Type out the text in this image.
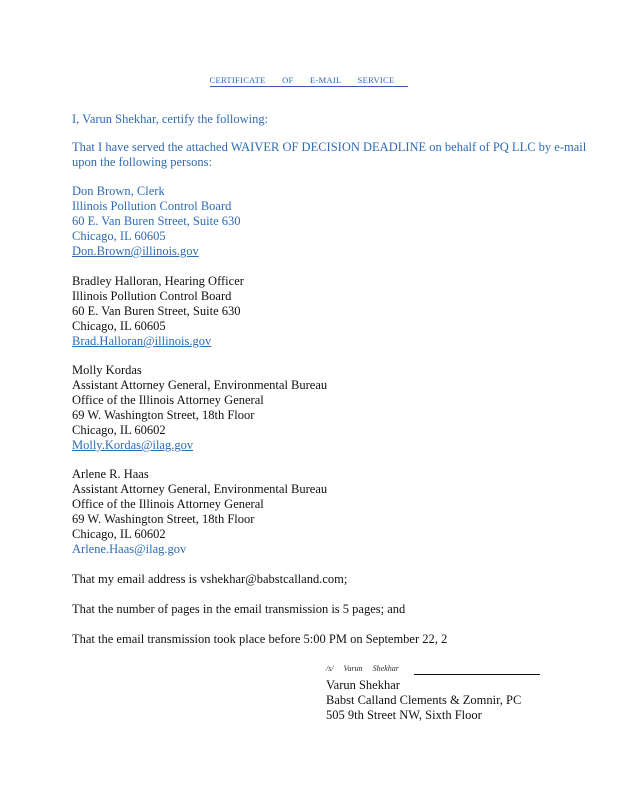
CERTIFICATE OF E-MAIL SERVICE
I, Varun Shekhar, certify the following:
That I have served the attached WAIVER OF DECISION DEADLINE on behalf of PQ LLC by e-mail upon the following persons:
Don Brown, Clerk
Illinois Pollution Control Board
60 E. Van Buren Street, Suite 630
Chicago, IL 60605
Don.Brown@illinois.gov
Bradley Halloran, Hearing Officer
Illinois Pollution Control Board
60 E. Van Buren Street, Suite 630
Chicago, IL 60605
Brad.Halloran@illinois.gov
Molly Kordas
Assistant Attorney General, Environmental Bureau
Office of the Illinois Attorney General
69 W. Washington Street, 18th Floor
Chicago, IL 60602
Molly.Kordas@ilag.gov
Arlene R. Haas
Assistant Attorney General, Environmental Bureau
Office of the Illinois Attorney General
69 W. Washington Street, 18th Floor
Chicago, IL 60602
Arlene.Haas@ilag.gov
That my email address is vshekhar@babstcalland.com;
That the number of pages in the email transmission is 5 pages; and
That the email transmission took place before 5:00 PM on September 22, 2
/s/ Varun Shekhar
Varun Shekhar
Babst Calland Clements & Zomnir, PC
505 9th Street NW, Sixth Floor
